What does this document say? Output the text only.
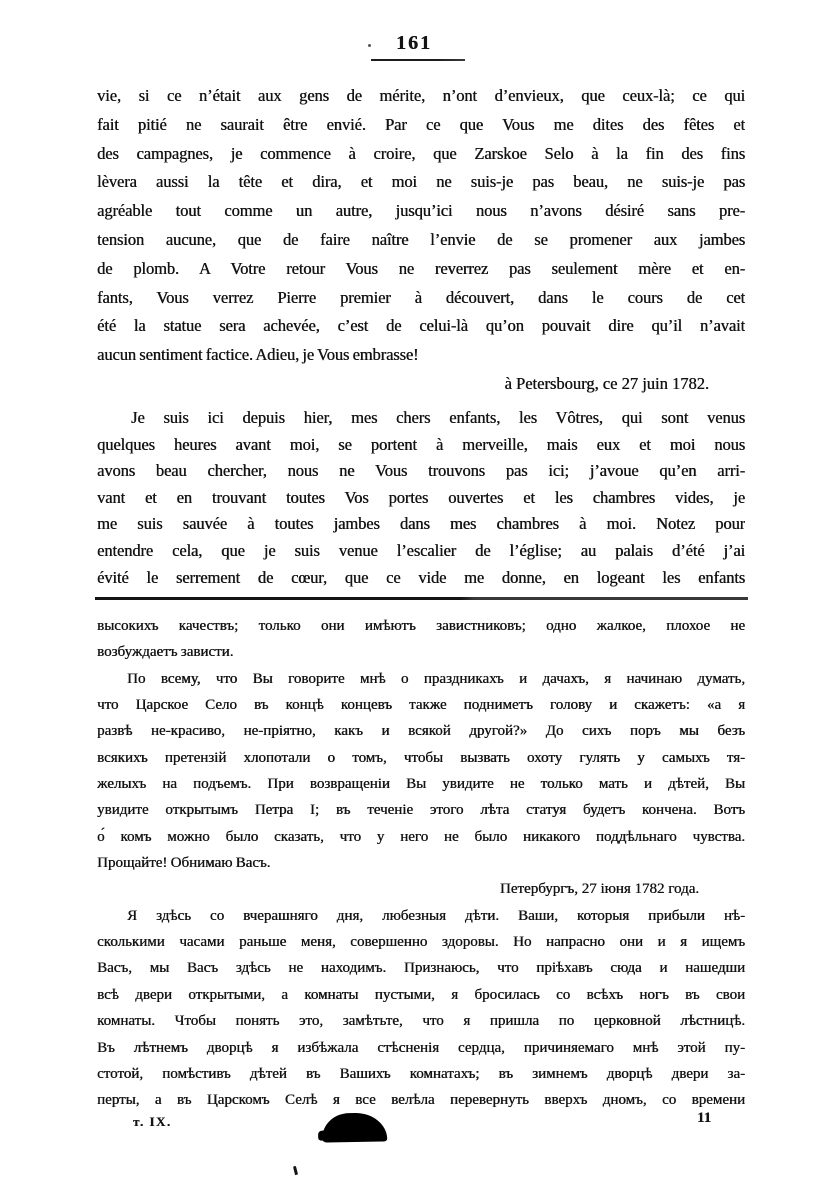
161
vie, si ce n’était aux gens de mérite, n’ont d’envieux, que ceux-là; ce qui
fait pitié ne saurait être envié. Par ce que Vous me dites des fêtes et
des campagnes, je commence à croire, que Zarskoe Selo à la fin des fins
lèvera aussi la tête et dira, et moi ne suis-je pas beau, ne suis-je pas
agréable tout comme un autre, jusqu’ici nous n’avons désiré sans pre-
tension aucune, que de faire naître l’envie de se promener aux jambes
de plomb. A Votre retour Vous ne reverrez pas seulement mère et en-
fants, Vous verrez Pierre premier à découvert, dans le cours de cet
été la statue sera achevée, c’est de celui-là qu’on pouvait dire qu’il n’avait
aucun sentiment factice. Adieu, je Vous embrasse!
à Petersbourg, ce 27 juin 1782.
Je suis ici depuis hier, mes chers enfants, les Vôtres, qui sont venus
quelques heures avant moi, se portent à merveille, mais eux et moi nous
avons beau chercher, nous ne Vous trouvons pas ici; j’avoue qu’en arri-
vant et en trouvant toutes Vos portes ouvertes et les chambres vides, je
me suis sauvée à toutes jambes dans mes chambres à moi. Notez pour
entendre cela, que je suis venue l’escalier de l’église; au palais d’été j’ai
évité le serrement de cœur, que ce vide me donne, en logeant les enfants
высокихъ качествъ; только они имѣютъ завистниковъ; одно жалкое, плохое не
возбуждаетъ зависти.
По всему, что Вы говорите мнѣ о праздникахъ и дачахъ, я начинаю думать,
что Царское Село въ концѣ концевъ также подниметъ голову и скажетъ: «а я
развѣ не-красиво, не-пріятно, какъ и всякой другой?» До сихъ поръ мы безъ
всякихъ претензій хлопотали о томъ, чтобы вызвать охоту гулять у самыхъ тя-
желыхъ на подъемъ. При возвращеніи Вы увидите не только мать и дѣтей, Вы
увидите открытымъ Петра I; въ теченіе этого лѣта статуя будетъ кончена. Вотъ
о́ комъ можно было сказать, что у него не было никакого поддѣльнаго чувства.
Прощайте! Обнимаю Васъ.
Петербургъ, 27 іюня 1782 года.
Я здѣсь со вчерашняго дня, любезныя дѣти. Ваши, которыя прибыли нѣ-
сколькими часами раньше меня, совершенно здоровы. Но напрасно они и я ищемъ
Васъ, мы Васъ здѣсь не находимъ. Признаюсь, что пріѣхавъ сюда и нашедши
всѣ двери открытыми, а комнаты пустыми, я бросилась со всѣхъ ногъ въ свои
комнаты. Чтобы понять это, замѣтьте, что я пришла по церковной лѣстницѣ.
Въ лѣтнемъ дворцѣ я избѣжала стѣсненія сердца, причиняемаго мнѣ этой пу-
стотой, помѣстивъ дѣтей въ Вашихъ комнатахъ; въ зимнемъ дворцѣ двери за-
перты, а въ Царскомъ Селѣ я все велѣла перевернуть вверхъ дномъ, со времени
т. IX.	11
